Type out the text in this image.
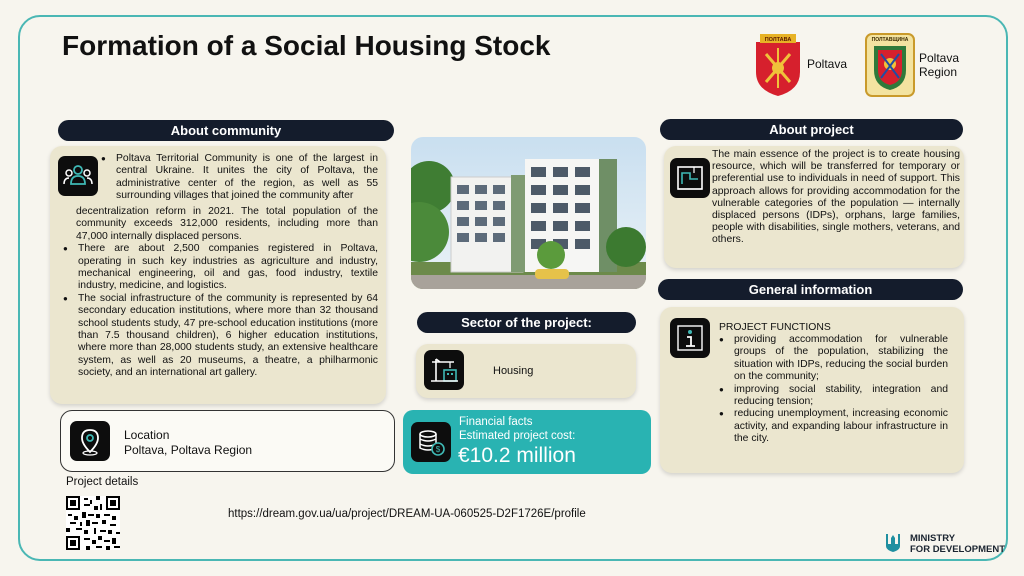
Formation of a Social Housing Stock	ПОЛТАВА
Poltava
ПОЛТАВЩИНА
Poltava Region
About community
● Poltava Territorial Community is one of the largest in central Ukraine. It unites the city of Poltava, the administrative center of the region, as well as 55 surrounding villages that joined the community after

decentralization reform in 2021. The total population of the community exceeds 312,000 residents, including more than 47,000 internally displaced persons.

● There are about 2,500 companies registered in Poltava, operating in such key industries as agriculture and industry, mechanical engineering, oil and gas, food industry, textile industry, medicine, and logistics.
● The social infrastructure of the community is represented by 64 secondary education institutions, where more than 32 thousand school students study, 47 pre-school education institutions (more than 7.5 thousand children), 6 higher education institutions, where more than 28,000 students study, an extensive healthcare system, as well as 20 museums, a theatre, a philharmonic society, and an international art gallery.
Location
Poltava, Poltava Region
Project details
https://dream.gov.ua/ua/project/DREAM-UA-060525-D2F1726E/profile
Sector of the project:
Housing
$
Financial facts
Estimated project cost:
€10.2 million
About project
The main essence of the project is to create housing resource, which will be transferred for temporary or preferential use to individuals in need of support. This approach allows for providing accommodation for the vulnerable categories of the population — internally displaced persons (IDPs), orphans, large families, people with disabilities, single mothers, veterans, and others.
General information
PROJECT FUNCTIONS
● providing accommodation for vulnerable groups of the population, stabilizing the situation with IDPs, reducing the social burden on the community;
● improving social stability, integration and reducing tension;
● reducing unemployment, increasing economic activity, and expanding labour infrastructure in the city.
MINISTRY
FOR DEVELOPMENT
